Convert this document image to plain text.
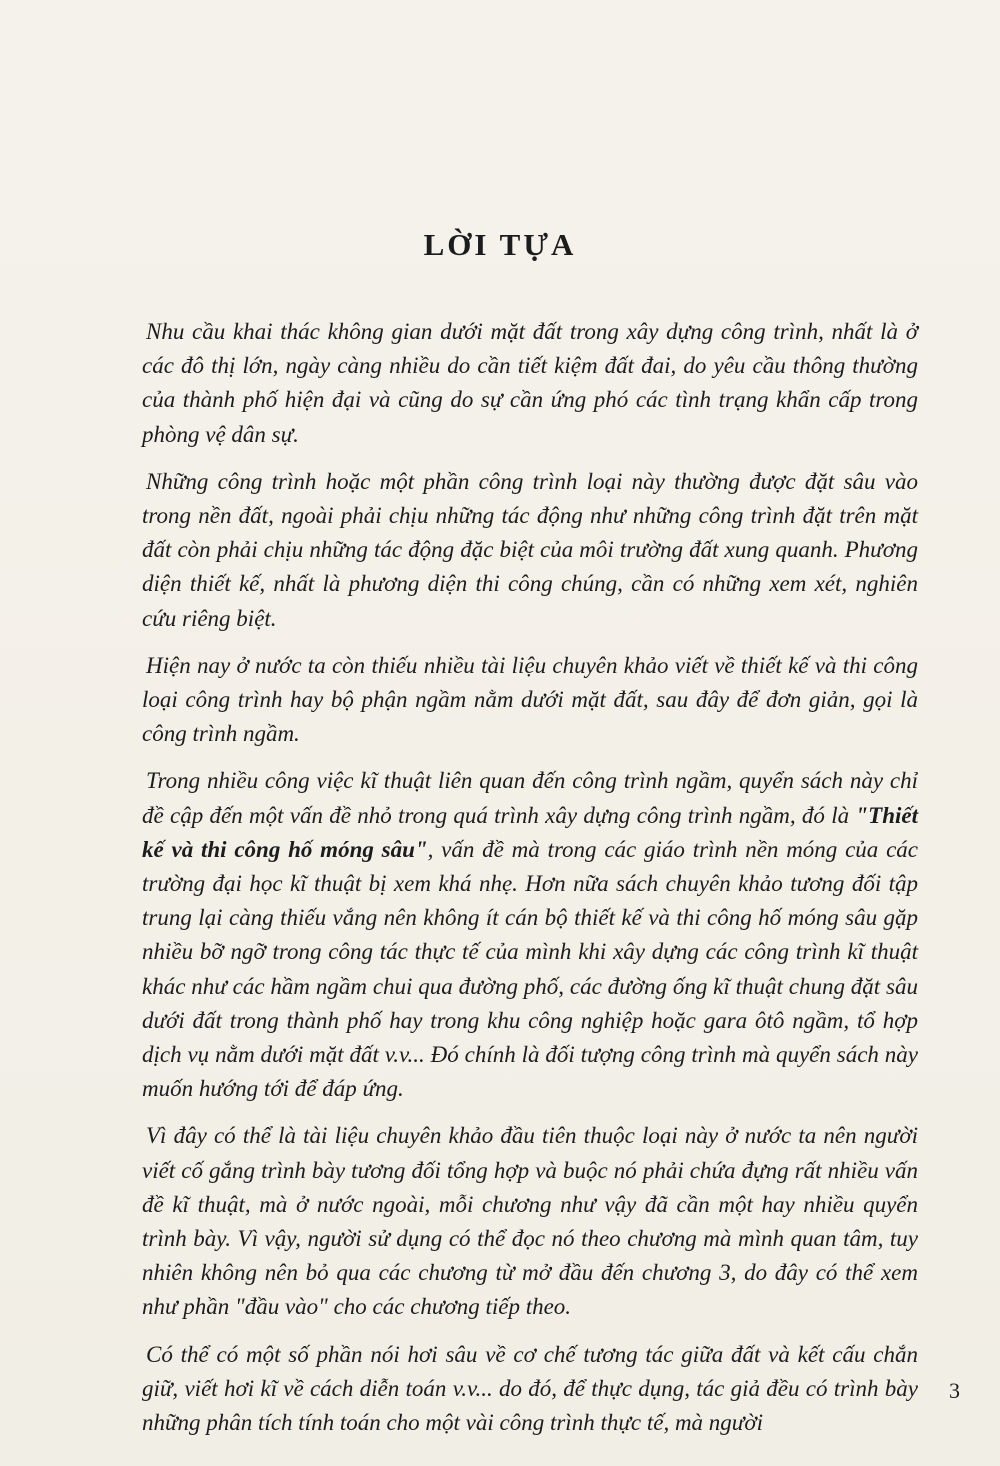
LỜI TỰA

Nhu cầu khai thác không gian dưới mặt đất trong xây dựng công trình, nhất là ở các đô thị lớn, ngày càng nhiều do cần tiết kiệm đất đai, do yêu cầu thông thường của thành phố hiện đại và cũng do sự cần ứng phó các tình trạng khẩn cấp trong phòng vệ dân sự.

Những công trình hoặc một phần công trình loại này thường được đặt sâu vào trong nền đất, ngoài phải chịu những tác động như những công trình đặt trên mặt đất còn phải chịu những tác động đặc biệt của môi trường đất xung quanh. Phương diện thiết kế, nhất là phương diện thi công chúng, cần có những xem xét, nghiên cứu riêng biệt.

Hiện nay ở nước ta còn thiếu nhiều tài liệu chuyên khảo viết về thiết kế và thi công loại công trình hay bộ phận ngầm nằm dưới mặt đất, sau đây để đơn giản, gọi là công trình ngầm.

Trong nhiều công việc kĩ thuật liên quan đến công trình ngầm, quyển sách này chỉ đề cập đến một vấn đề nhỏ trong quá trình xây dựng công trình ngầm, đó là "Thiết kế và thi công hố móng sâu", vấn đề mà trong các giáo trình nền móng của các trường đại học kĩ thuật bị xem khá nhẹ. Hơn nữa sách chuyên khảo tương đối tập trung lại càng thiếu vắng nên không ít cán bộ thiết kế và thi công hố móng sâu gặp nhiều bỡ ngỡ trong công tác thực tế của mình khi xây dựng các công trình kĩ thuật khác như các hầm ngầm chui qua đường phố, các đường ống kĩ thuật chung đặt sâu dưới đất trong thành phố hay trong khu công nghiệp hoặc gara ôtô ngầm, tổ hợp dịch vụ nằm dưới mặt đất v.v... Đó chính là đối tượng công trình mà quyển sách này muốn hướng tới để đáp ứng.

Vì đây có thể là tài liệu chuyên khảo đầu tiên thuộc loại này ở nước ta nên người viết cố gắng trình bày tương đối tổng hợp và buộc nó phải chứa đựng rất nhiều vấn đề kĩ thuật, mà ở nước ngoài, mỗi chương như vậy đã cần một hay nhiều quyển trình bày. Vì vậy, người sử dụng có thể đọc nó theo chương mà mình quan tâm, tuy nhiên không nên bỏ qua các chương từ mở đầu đến chương 3, do đây có thể xem như phần "đầu vào" cho các chương tiếp theo.

Có thể có một số phần nói hơi sâu về cơ chế tương tác giữa đất và kết cấu chắn giữ, viết hơi kĩ về cách diễn toán v.v... do đó, để thực dụng, tác giả đều có trình bày những phân tích tính toán cho một vài công trình thực tế, mà người

3
